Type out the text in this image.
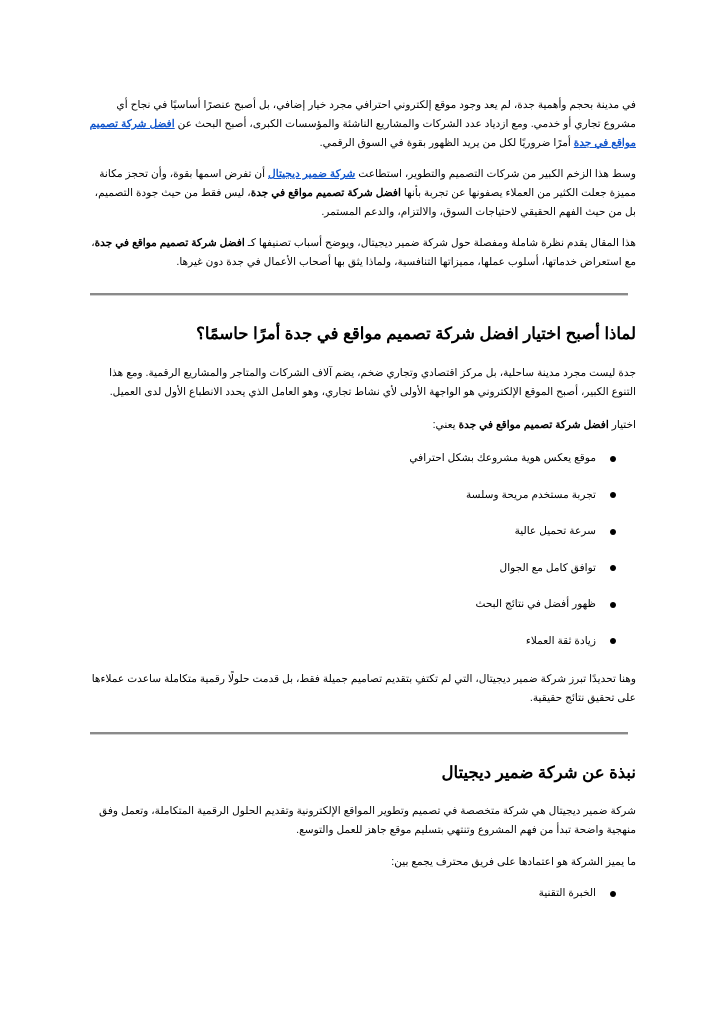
في مدينة بحجم وأهمية جدة، لم يعد وجود موقع إلكتروني احترافي مجرد خيار إضافي، بل أصبح عنصرًا أساسيًا في نجاح أي مشروع تجاري أو خدمي. ومع ازدياد عدد الشركات والمشاريع الناشئة والمؤسسات الكبرى، أصبح البحث عن افضل شركة تصميم مواقع في جدة أمرًا ضروريًا لكل من يريد الظهور بقوة في السوق الرقمي.

وسط هذا الزخم الكبير من شركات التصميم والتطوير، استطاعت شركة ضمير ديجيتال أن تفرض اسمها بقوة، وأن تحجز مكانة مميزة جعلت الكثير من العملاء يصفونها عن تجربة بأنها افضل شركة تصميم مواقع في جدة، ليس فقط من حيث جودة التصميم، بل من حيث الفهم الحقيقي لاحتياجات السوق، والالتزام، والدعم المستمر.

هذا المقال يقدم نظرة شاملة ومفصلة حول شركة ضمير ديجيتال، ويوضح أسباب تصنيفها كـ افضل شركة تصميم مواقع في جدة، مع استعراض خدماتها، أسلوب عملها، مميزاتها التنافسية، ولماذا يثق بها أصحاب الأعمال في جدة دون غيرها.

لماذا أصبح اختيار افضل شركة تصميم مواقع في جدة أمرًا حاسمًا؟

جدة ليست مجرد مدينة ساحلية، بل مركز اقتصادي وتجاري ضخم، يضم آلاف الشركات والمتاجر والمشاريع الرقمية. ومع هذا التنوع الكبير، أصبح الموقع الإلكتروني هو الواجهة الأولى لأي نشاط تجاري، وهو العامل الذي يحدد الانطباع الأول لدى العميل.

اختيار افضل شركة تصميم مواقع في جدة يعني:

موقع يعكس هوية مشروعك بشكل احترافي
تجربة مستخدم مريحة وسلسة
سرعة تحميل عالية
توافق كامل مع الجوال
ظهور أفضل في نتائج البحث
زيادة ثقة العملاء

وهنا تحديدًا تبرز شركة ضمير ديجيتال، التي لم تكتفِ بتقديم تصاميم جميلة فقط، بل قدمت حلولًا رقمية متكاملة ساعدت عملاءها على تحقيق نتائج حقيقية.

نبذة عن شركة ضمير ديجيتال

شركة ضمير ديجيتال هي شركة متخصصة في تصميم وتطوير المواقع الإلكترونية وتقديم الحلول الرقمية المتكاملة، وتعمل وفق منهجية واضحة تبدأ من فهم المشروع وتنتهي بتسليم موقع جاهز للعمل والتوسع.

ما يميز الشركة هو اعتمادها على فريق محترف يجمع بين:

الخبرة التقنية
